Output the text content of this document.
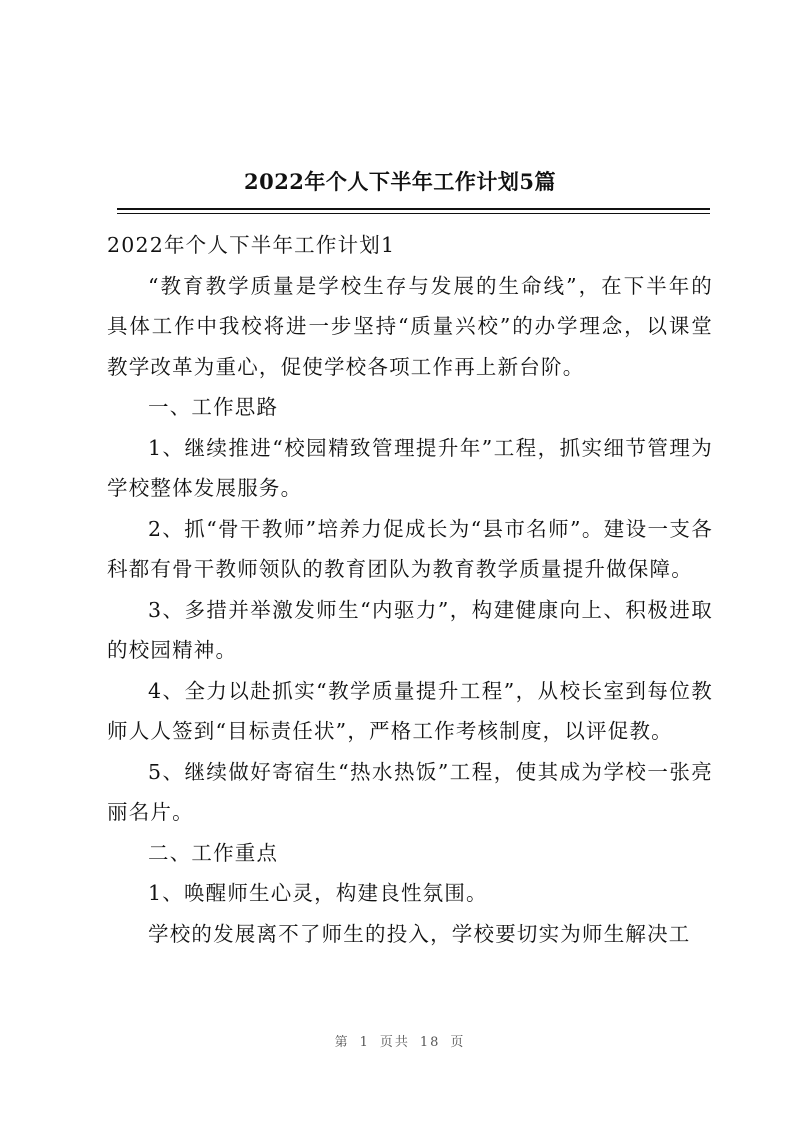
2022年个人下半年工作计划5篇

2022年个人下半年工作计划1

“教育教学质量是学校生存与发展的生命线”，在下半年的具体工作中我校将进一步坚持“质量兴校”的办学理念，以课堂教学改革为重心，促使学校各项工作再上新台阶。

一、工作思路

1、继续推进“校园精致管理提升年”工程，抓实细节管理为学校整体发展服务。

2、抓“骨干教师”培养力促成长为“县市名师”。建设一支各科都有骨干教师领队的教育团队为教育教学质量提升做保障。

3、多措并举激发师生“内驱力”，构建健康向上、积极进取的校园精神。

4、全力以赴抓实“教学质量提升工程”，从校长室到每位教师人人签到“目标责任状”，严格工作考核制度，以评促教。

5、继续做好寄宿生“热水热饭”工程，使其成为学校一张亮丽名片。

二、工作重点

1、唤醒师生心灵，构建良性氛围。

学校的发展离不了师生的投入，学校要切实为师生解决工

第 1 页共 18 页
